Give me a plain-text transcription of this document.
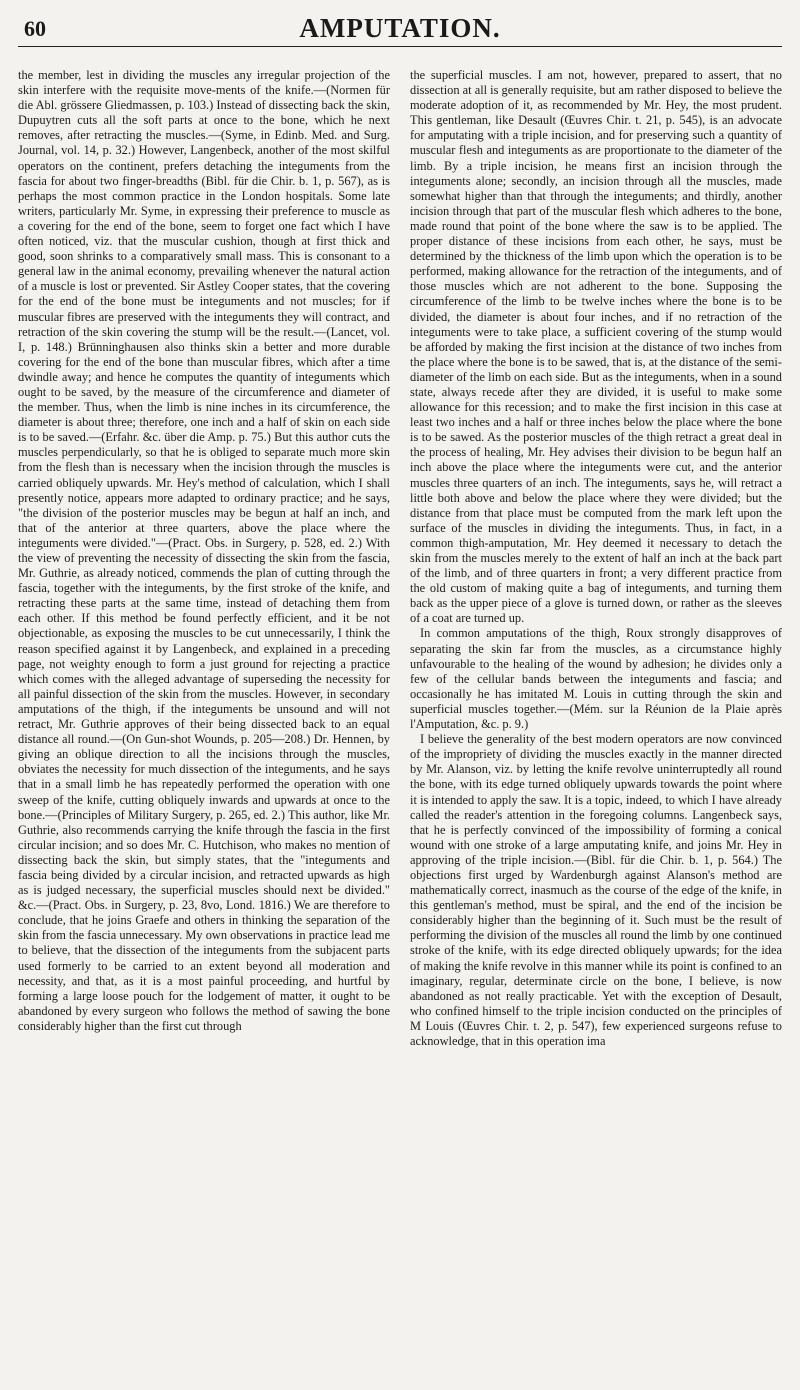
60	AMPUTATION.

the member, lest in dividing the muscles any irregular projection of the skin interfere with the requisite move-ments of the knife.—(Normen für die Abl. grössere Gliedmassen, p. 103.) Instead of dissecting back the skin, Dupuytren cuts all the soft parts at once to the bone, which he next removes, after retracting the muscles.—(Syme, in Edinb. Med. and Surg. Journal, vol. 14, p. 32.) However, Langenbeck, another of the most skilful operators on the continent, prefers detaching the integuments from the fascia for about two finger-breadths (Bibl. für die Chir. b. 1, p. 567), as is perhaps the most common practice in the London hospitals. Some late writers, particularly Mr. Syme, in expressing their preference to muscle as a covering for the end of the bone, seem to forget one fact which I have often noticed, viz. that the muscular cushion, though at first thick and good, soon shrinks to a comparatively small mass. This is consonant to a general law in the animal economy, prevailing whenever the natural action of a muscle is lost or prevented. Sir Astley Cooper states, that the covering for the end of the bone must be integuments and not muscles; for if muscular fibres are preserved with the integuments they will contract, and retraction of the skin covering the stump will be the result.—(Lancet, vol. I, p. 148.) Brünninghausen also thinks skin a better and more durable covering for the end of the bone than muscular fibres, which after a time dwindle away; and hence he computes the quantity of integuments which ought to be saved, by the measure of the circumference and diameter of the member. Thus, when the limb is nine inches in its circumference, the diameter is about three; therefore, one inch and a half of skin on each side is to be saved.—(Erfahr. &c. über die Amp. p. 75.) But this author cuts the muscles perpendicularly, so that he is obliged to separate much more skin from the flesh than is necessary when the incision through the muscles is carried obliquely upwards. Mr. Hey's method of calculation, which I shall presently notice, appears more adapted to ordinary practice; and he says, "the division of the posterior muscles may be begun at half an inch, and that of the anterior at three quarters, above the place where the integuments were divided."—(Pract. Obs. in Surgery, p. 528, ed. 2.) With the view of preventing the necessity of dissecting the skin from the fascia, Mr. Guthrie, as already noticed, commends the plan of cutting through the fascia, together with the integuments, by the first stroke of the knife, and retracting these parts at the same time, instead of detaching them from each other. If this method be found perfectly efficient, and it be not objectionable, as exposing the muscles to be cut unnecessarily, I think the reason specified against it by Langenbeck, and explained in a preceding page, not weighty enough to form a just ground for rejecting a practice which comes with the alleged advantage of superseding the necessity for all painful dissection of the skin from the muscles. However, in secondary amputations of the thigh, if the integuments be unsound and will not retract, Mr. Guthrie approves of their being dissected back to an equal distance all round.—(On Gun-shot Wounds, p. 205—208.) Dr. Hennen, by giving an oblique direction to all the incisions through the muscles, obviates the necessity for much dissection of the integuments, and he says that in a small limb he has repeatedly performed the operation with one sweep of the knife, cutting obliquely inwards and upwards at once to the bone.—(Principles of Military Surgery, p. 265, ed. 2.) This author, like Mr. Guthrie, also recommends carrying the knife through the fascia in the first circular incision; and so does Mr. C. Hutchison, who makes no mention of dissecting back the skin, but simply states, that the "integuments and fascia being divided by a circular incision, and retracted upwards as high as is judged necessary, the superficial muscles should next be divided." &c.—(Pract. Obs. in Surgery, p. 23, 8vo, Lond. 1816.) We are therefore to conclude, that he joins Graefe and others in thinking the separation of the skin from the fascia unnecessary. My own observations in practice lead me to believe, that the dissection of the integuments from the subjacent parts used formerly to be carried to an extent beyond all moderation and necessity, and that, as it is a most painful proceeding, and hurtful by forming a large loose pouch for the lodgement of matter, it ought to be abandoned by every surgeon who follows the method of sawing the bone considerably higher than the first cut through

the superficial muscles. I am not, however, prepared to assert, that no dissection at all is generally requisite, but am rather disposed to believe the moderate adoption of it, as recommended by Mr. Hey, the most prudent. This gentleman, like Desault (Œuvres Chir. t. 21, p. 545), is an advocate for amputating with a triple incision, and for preserving such a quantity of muscular flesh and integuments as are proportionate to the diameter of the limb. By a triple incision, he means first an incision through the integuments alone; secondly, an incision through all the muscles, made somewhat higher than that through the integuments; and thirdly, another incision through that part of the muscular flesh which adheres to the bone, made round that point of the bone where the saw is to be applied. The proper distance of these incisions from each other, he says, must be determined by the thickness of the limb upon which the operation is to be performed, making allowance for the retraction of the integuments, and of those muscles which are not adherent to the bone. Supposing the circumference of the limb to be twelve inches where the bone is to be divided, the diameter is about four inches, and if no retraction of the integuments were to take place, a sufficient covering of the stump would be afforded by making the first incision at the distance of two inches from the place where the bone is to be sawed, that is, at the distance of the semi-diameter of the limb on each side. But as the integuments, when in a sound state, always recede after they are divided, it is useful to make some allowance for this recession; and to make the first incision in this case at least two inches and a half or three inches below the place where the bone is to be sawed. As the posterior muscles of the thigh retract a great deal in the process of healing, Mr. Hey advises their division to be begun half an inch above the place where the integuments were cut, and the anterior muscles three quarters of an inch. The integuments, says he, will retract a little both above and below the place where they were divided; but the distance from that place must be computed from the mark left upon the surface of the muscles in dividing the integuments. Thus, in fact, in a common thigh-amputation, Mr. Hey deemed it necessary to detach the skin from the muscles merely to the extent of half an inch at the back part of the limb, and of three quarters in front; a very different practice from the old custom of making quite a bag of integuments, and turning them back as the upper piece of a glove is turned down, or rather as the sleeves of a coat are turned up.

In common amputations of the thigh, Roux strongly disapproves of separating the skin far from the muscles, as a circumstance highly unfavourable to the healing of the wound by adhesion; he divides only a few of the cellular bands between the integuments and fascia; and occasionally he has imitated M. Louis in cutting through the skin and superficial muscles together.—(Mém. sur la Réunion de la Plaie après l'Amputation, &c. p. 9.)

I believe the generality of the best modern operators are now convinced of the impropriety of dividing the muscles exactly in the manner directed by Mr. Alanson, viz. by letting the knife revolve uninterruptedly all round the bone, with its edge turned obliquely upwards towards the point where it is intended to apply the saw. It is a topic, indeed, to which I have already called the reader's attention in the foregoing columns. Langenbeck says, that he is perfectly convinced of the impossibility of forming a conical wound with one stroke of a large amputating knife, and joins Mr. Hey in approving of the triple incision.—(Bibl. für die Chir. b. 1, p. 564.) The objections first urged by Wardenburgh against Alanson's method are mathematically correct, inasmuch as the course of the edge of the knife, in this gentleman's method, must be spiral, and the end of the incision be considerably higher than the beginning of it. Such must be the result of performing the division of the muscles all round the limb by one continued stroke of the knife, with its edge directed obliquely upwards; for the idea of making the knife revolve in this manner while its point is confined to an imaginary, regular, determinate circle on the bone, I believe, is now abandoned as not really practicable. Yet with the exception of Desault, who confined himself to the triple incision conducted on the principles of M Louis (Œuvres Chir. t. 2, p. 547), few experienced surgeons refuse to acknowledge, that in this operation ima
